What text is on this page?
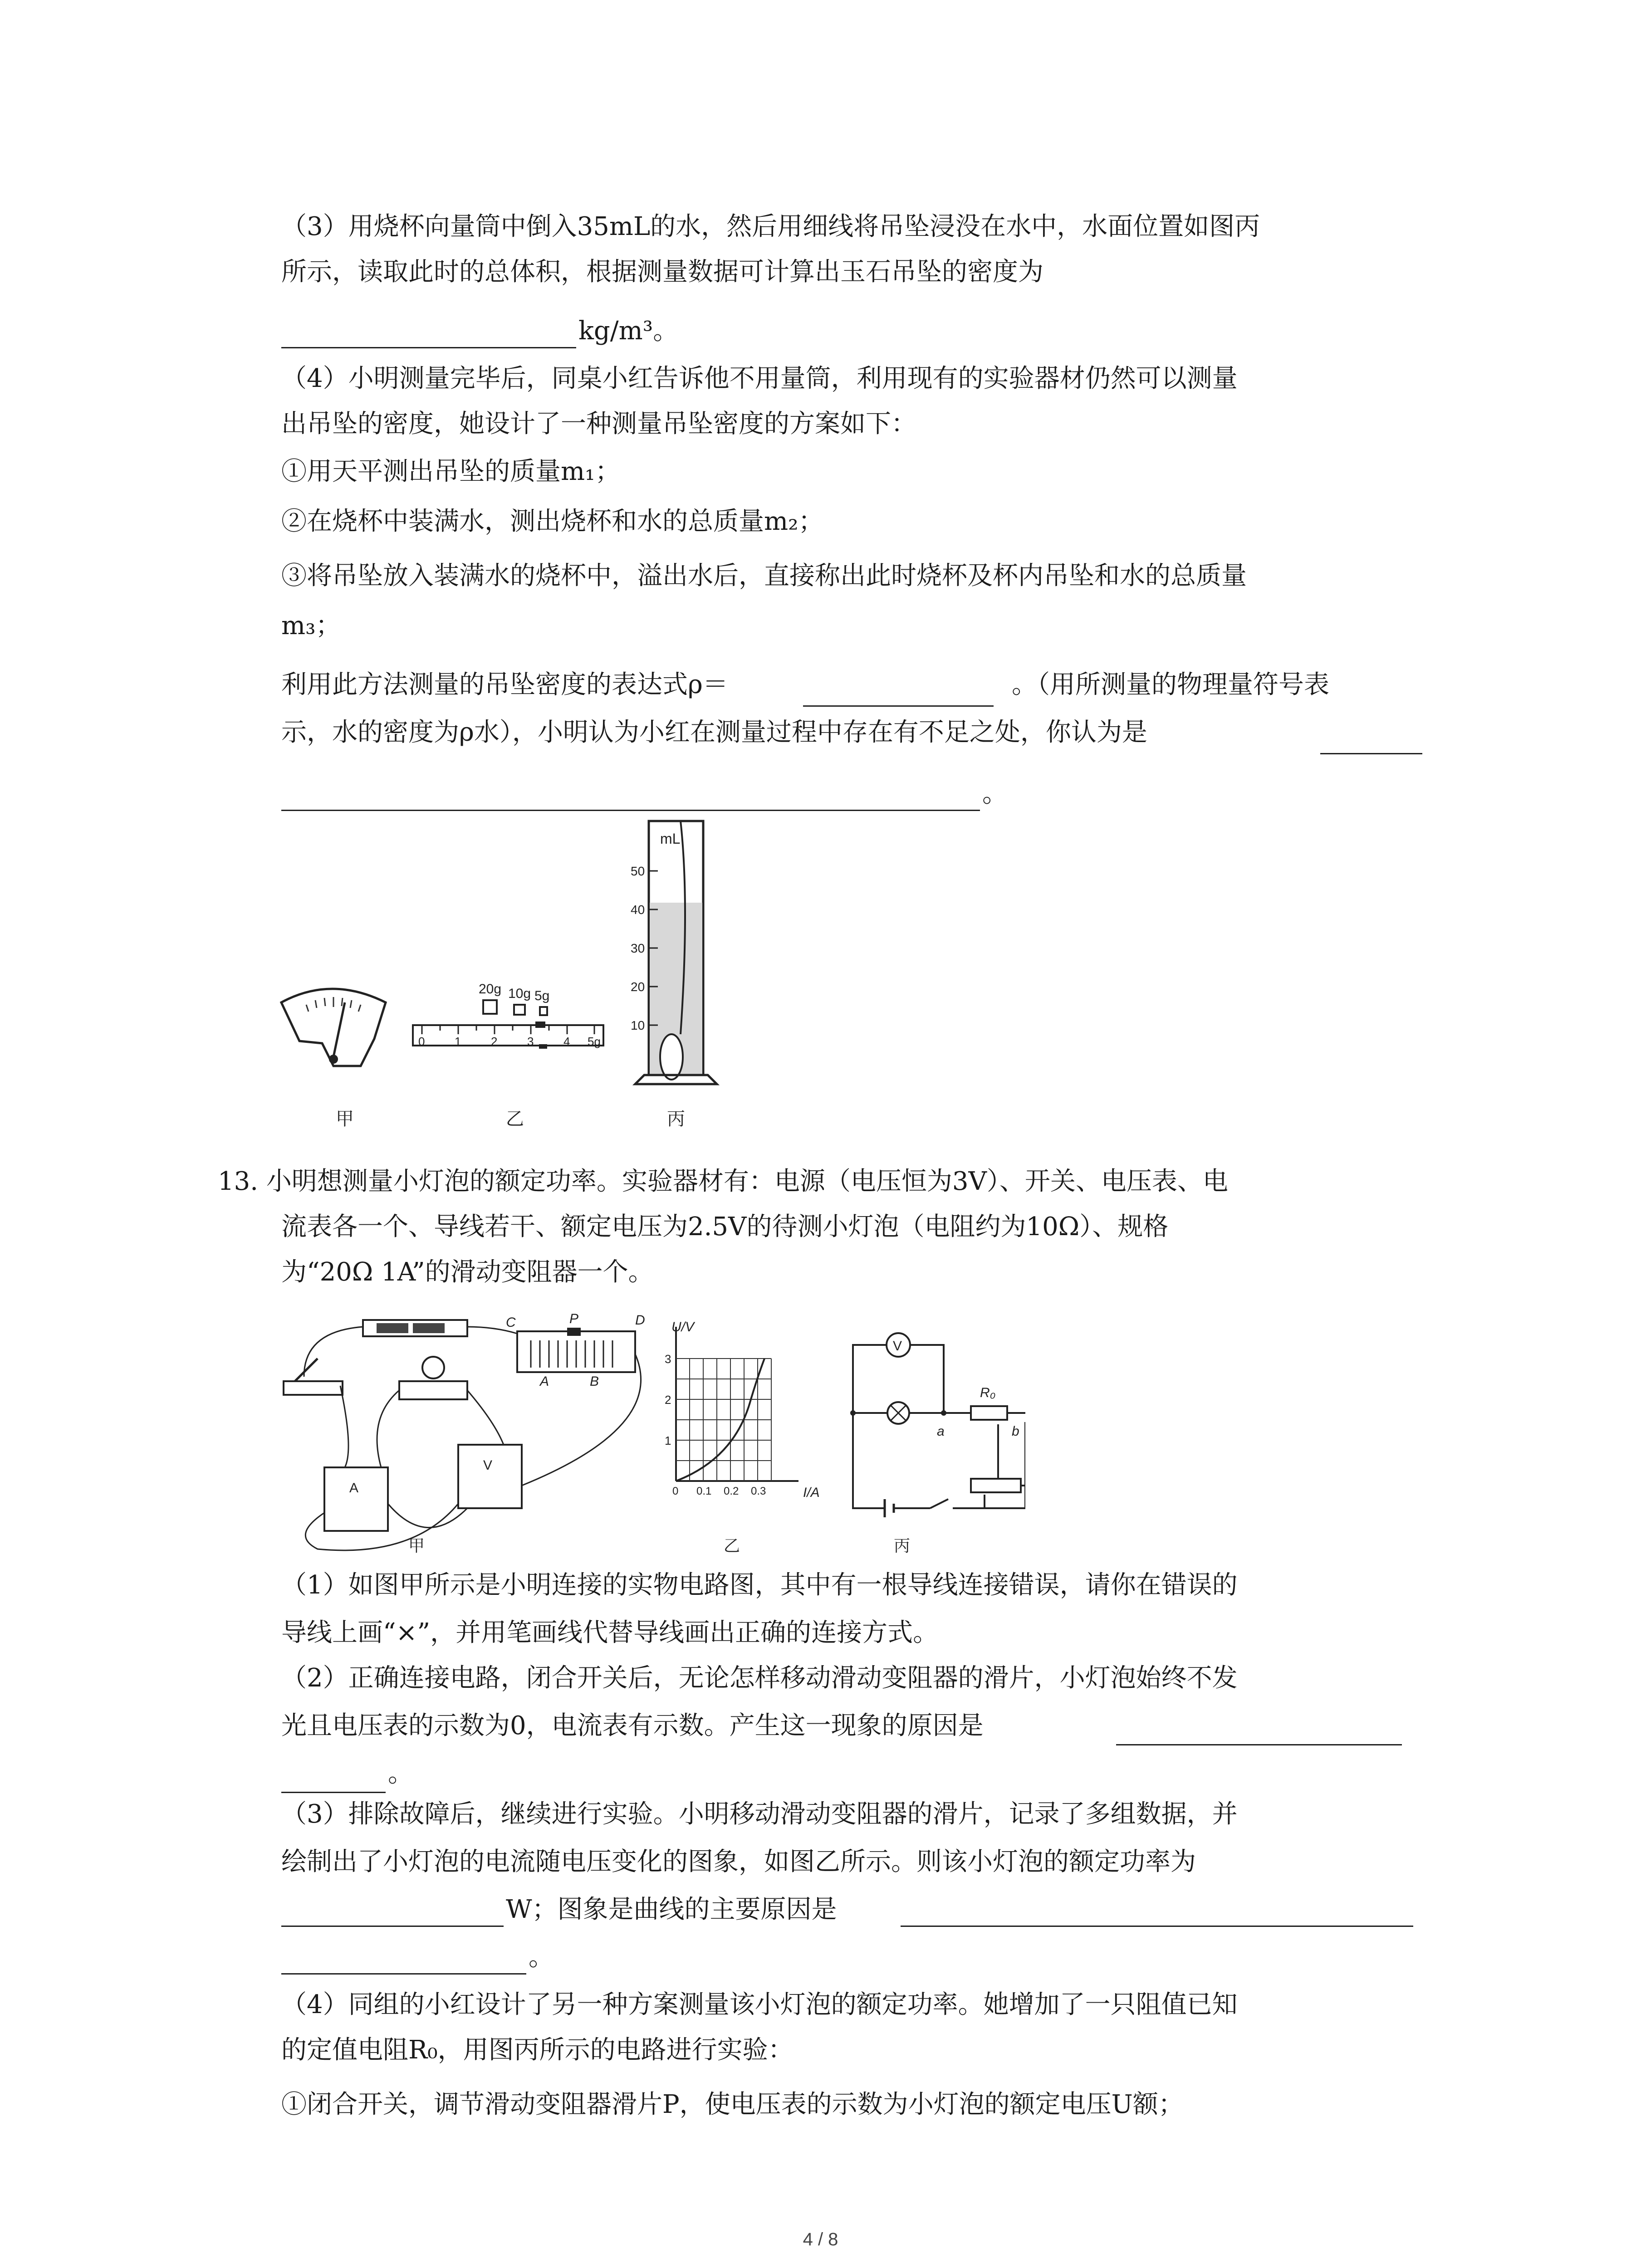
（3）用烧杯向量筒中倒入35mL的水，然后用细线将吊坠浸没在水中，水面位置如图丙
所示，读取此时的总体积，根据测量数据可计算出玉石吊坠的密度为
kg/m³。
（4）小明测量完毕后，同桌小红告诉他不用量筒，利用现有的实验器材仍然可以测量
出吊坠的密度，她设计了一种测量吊坠密度的方案如下：
①用天平测出吊坠的质量m₁；
②在烧杯中装满水，测出烧杯和水的总质量m₂；
③将吊坠放入装满水的烧杯中，溢出水后，直接称出此时烧杯及杯内吊坠和水的总质量
m₃；
利用此方法测量的吊坠密度的表达式ρ＝	。（用所测量的物理量符号表
示，水的密度为ρ水），小明认为小红在测量过程中存在有不足之处，你认为是
。
甲
20g 10g 5g
0	1	2	3	4 5g
乙
mL
50
40
30
20
10
丙
13. 小明想测量小灯泡的额定功率。实验器材有：电源（电压恒为3V）、开关、电压表、电
流表各一个、导线若干、额定电压为2.5V的待测小灯泡（电阻约为10Ω）、规格
为“20Ω 1A”的滑动变阻器一个。
C	P	D
A	B
A
V
甲
U/V
I/A
3
2
1
0 0.1 0.2 0.3
乙
V
R₀
a	b
丙
（1）如图甲所示是小明连接的实物电路图，其中有一根导线连接错误，请你在错误的
导线上画“×”，并用笔画线代替导线画出正确的连接方式。
（2）正确连接电路，闭合开关后，无论怎样移动滑动变阻器的滑片，小灯泡始终不发
光且电压表的示数为0，电流表有示数。产生这一现象的原因是
。
（3）排除故障后，继续进行实验。小明移动滑动变阻器的滑片，记录了多组数据，并
绘制出了小灯泡的电流随电压变化的图象，如图乙所示。则该小灯泡的额定功率为
W；图象是曲线的主要原因是
。
（4）同组的小红设计了另一种方案测量该小灯泡的额定功率。她增加了一只阻值已知
的定值电阻R₀，用图丙所示的电路进行实验：
①闭合开关，调节滑动变阻器滑片P，使电压表的示数为小灯泡的额定电压U额；
4 / 8
